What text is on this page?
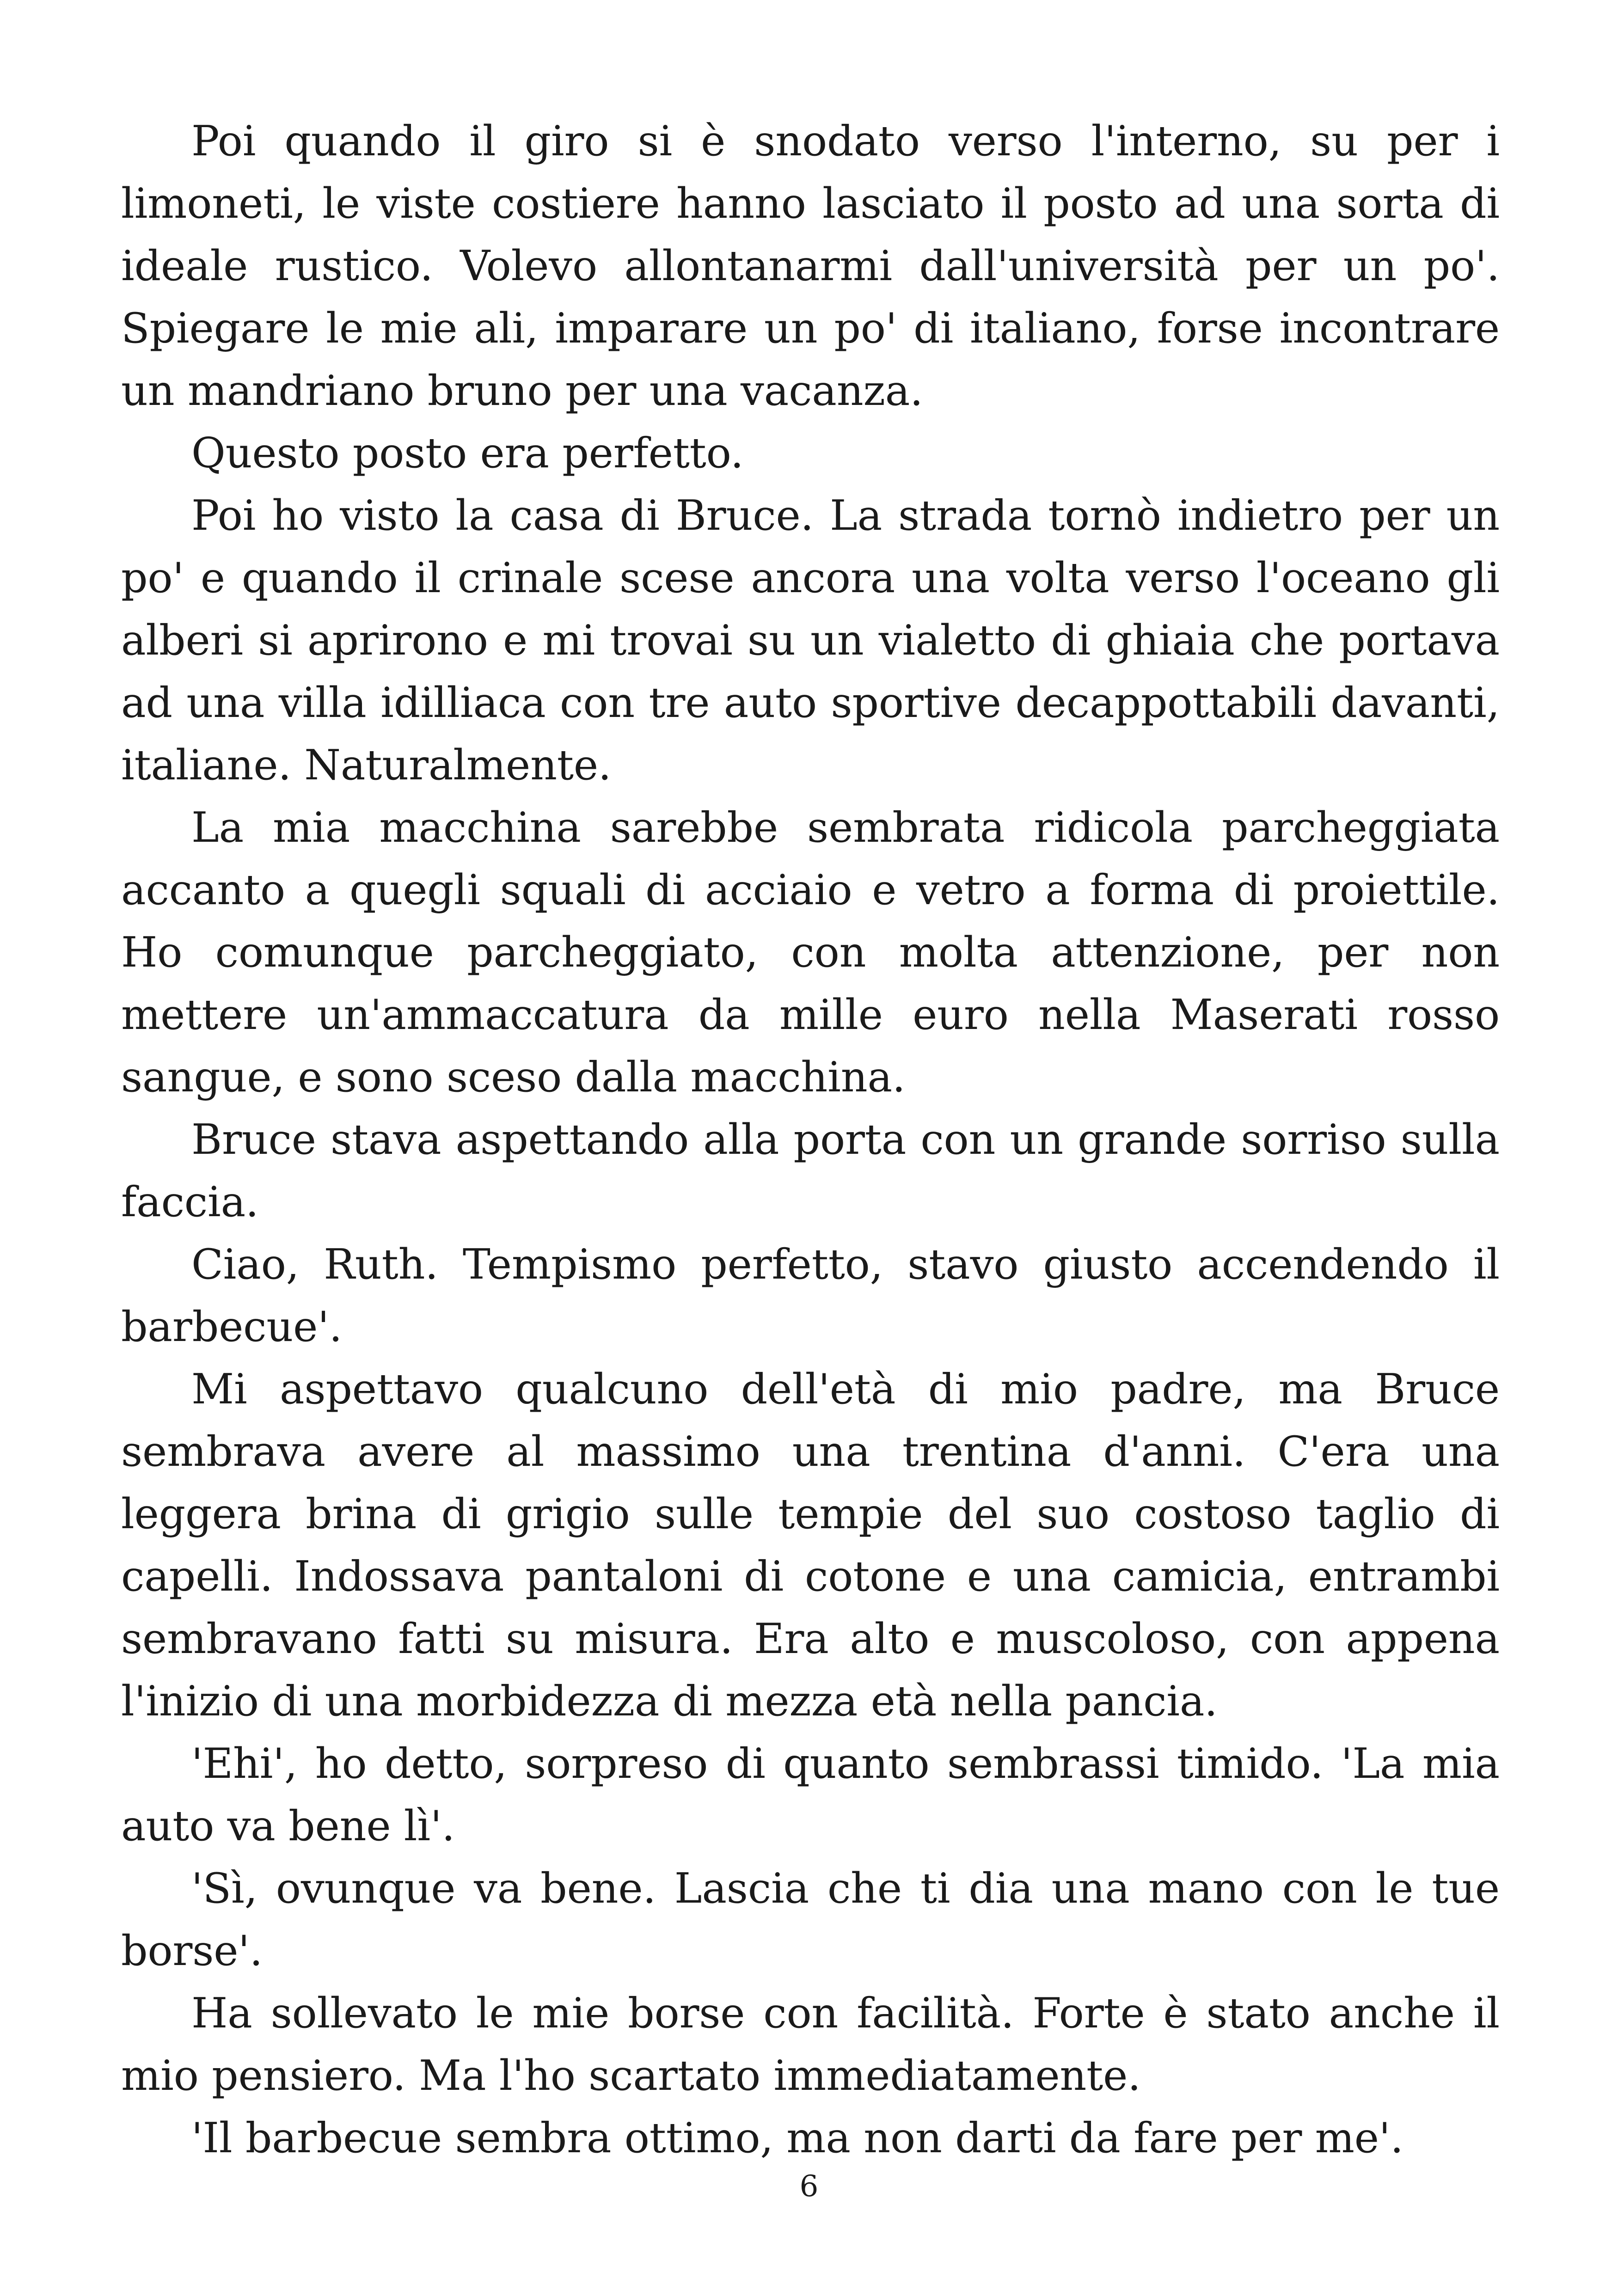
Poi quando il giro si è snodato verso l'interno, su per i limoneti, le viste costiere hanno lasciato il posto ad una sorta di ideale rustico. Volevo allontanarmi dall'università per un po'. Spiegare le mie ali, imparare un po' di italiano, forse incontrare un mandriano bruno per una vacanza.

Questo posto era perfetto.

Poi ho visto la casa di Bruce. La strada tornò indietro per un po' e quando il crinale scese ancora una volta verso l'oceano gli alberi si aprirono e mi trovai su un vialetto di ghiaia che portava ad una villa idilliaca con tre auto sportive decappottabili davanti, italiane. Naturalmente.

La mia macchina sarebbe sembrata ridicola parcheggiata accanto a quegli squali di acciaio e vetro a forma di proiettile. Ho comunque parcheggiato, con molta attenzione, per non mettere un'ammaccatura da mille euro nella Maserati rosso sangue, e sono sceso dalla macchina.

Bruce stava aspettando alla porta con un grande sorriso sulla faccia.

Ciao, Ruth. Tempismo perfetto, stavo giusto accendendo il barbecue'.

Mi aspettavo qualcuno dell'età di mio padre, ma Bruce sembrava avere al massimo una trentina d'anni. C'era una leggera brina di grigio sulle tempie del suo costoso taglio di capelli. Indossava pantaloni di cotone e una camicia, entrambi sembravano fatti su misura. Era alto e muscoloso, con appena l'inizio di una morbidezza di mezza età nella pancia.

'Ehi', ho detto, sorpreso di quanto sembrassi timido. 'La mia auto va bene lì'.

'Sì, ovunque va bene. Lascia che ti dia una mano con le tue borse'.

Ha sollevato le mie borse con facilità. Forte è stato anche il mio pensiero. Ma l'ho scartato immediatamente.

'Il barbecue sembra ottimo, ma non darti da fare per me'.

6
